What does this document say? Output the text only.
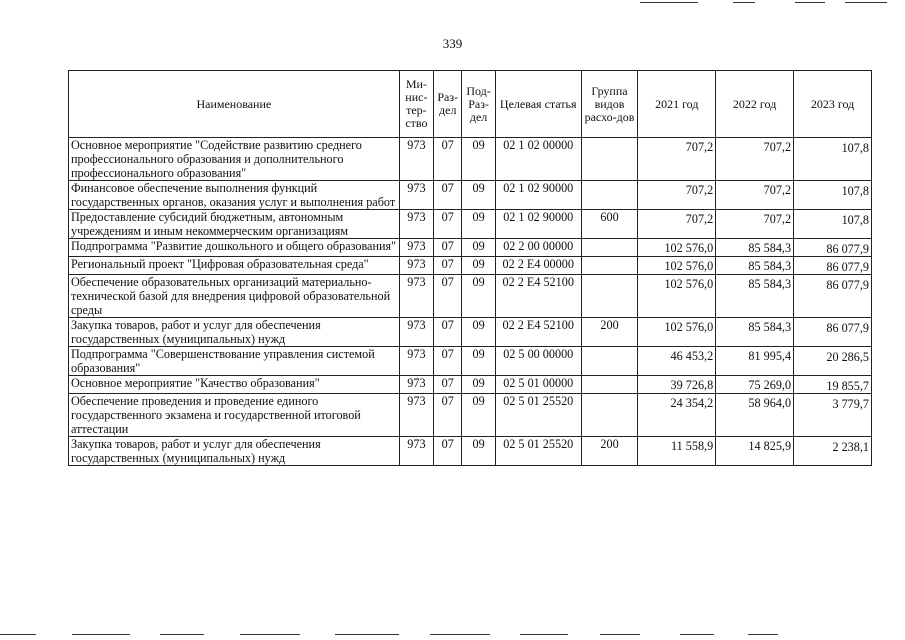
339
Наименование	Ми-нис-тер-ство	Раз-дел	Под-Раз-дел	Целевая статья	Группа видов расхо-дов	2021 год	2022 год	2023 год
Основное мероприятие "Содействие развитию среднего профессионального образования и дополнительного профессионального образования"	973	07	09	02 1 02 00000		707,2	707,2	107,8

Финансовое обеспечение выполнения функций государственных органов, оказания услуг и выполнения работ	973	07	09	02 1 02 90000		707,2	707,2	107,8

Предоставление субсидий бюджетным, автономным учреждениям и иным некоммерческим организациям	973	07	09	02 1 02 90000	600	707,2	707,2	107,8

Подпрограмма "Развитие дошкольного и общего образования"	973	07	09	02 2 00 00000		102 576,0	85 584,3	86 077,9

Региональный проект "Цифровая образовательная среда"	973	07	09	02 2 E4 00000		102 576,0	85 584,3	86 077,9

Обеспечение образовательных организаций материально-технической базой для внедрения цифровой образовательной среды	973	07	09	02 2 E4 52100		102 576,0	85 584,3	86 077,9

Закупка товаров, работ и услуг для обеспечения государственных (муниципальных) нужд	973	07	09	02 2 E4 52100	200	102 576,0	85 584,3	86 077,9

Подпрограмма "Совершенствование управления системой образования"	973	07	09	02 5 00 00000		46 453,2	81 995,4	20 286,5

Основное мероприятие "Качество образования"	973	07	09	02 5 01 00000		39 726,8	75 269,0	19 855,7

Обеспечение проведения и проведение единого государственного экзамена и государственной итоговой аттестации	973	07	09	02 5 01 25520		24 354,2	58 964,0	3 779,7

Закупка товаров, работ и услуг для обеспечения государственных (муниципальных) нужд	973	07	09	02 5 01 25520	200	11 558,9	14 825,9	2 238,1
